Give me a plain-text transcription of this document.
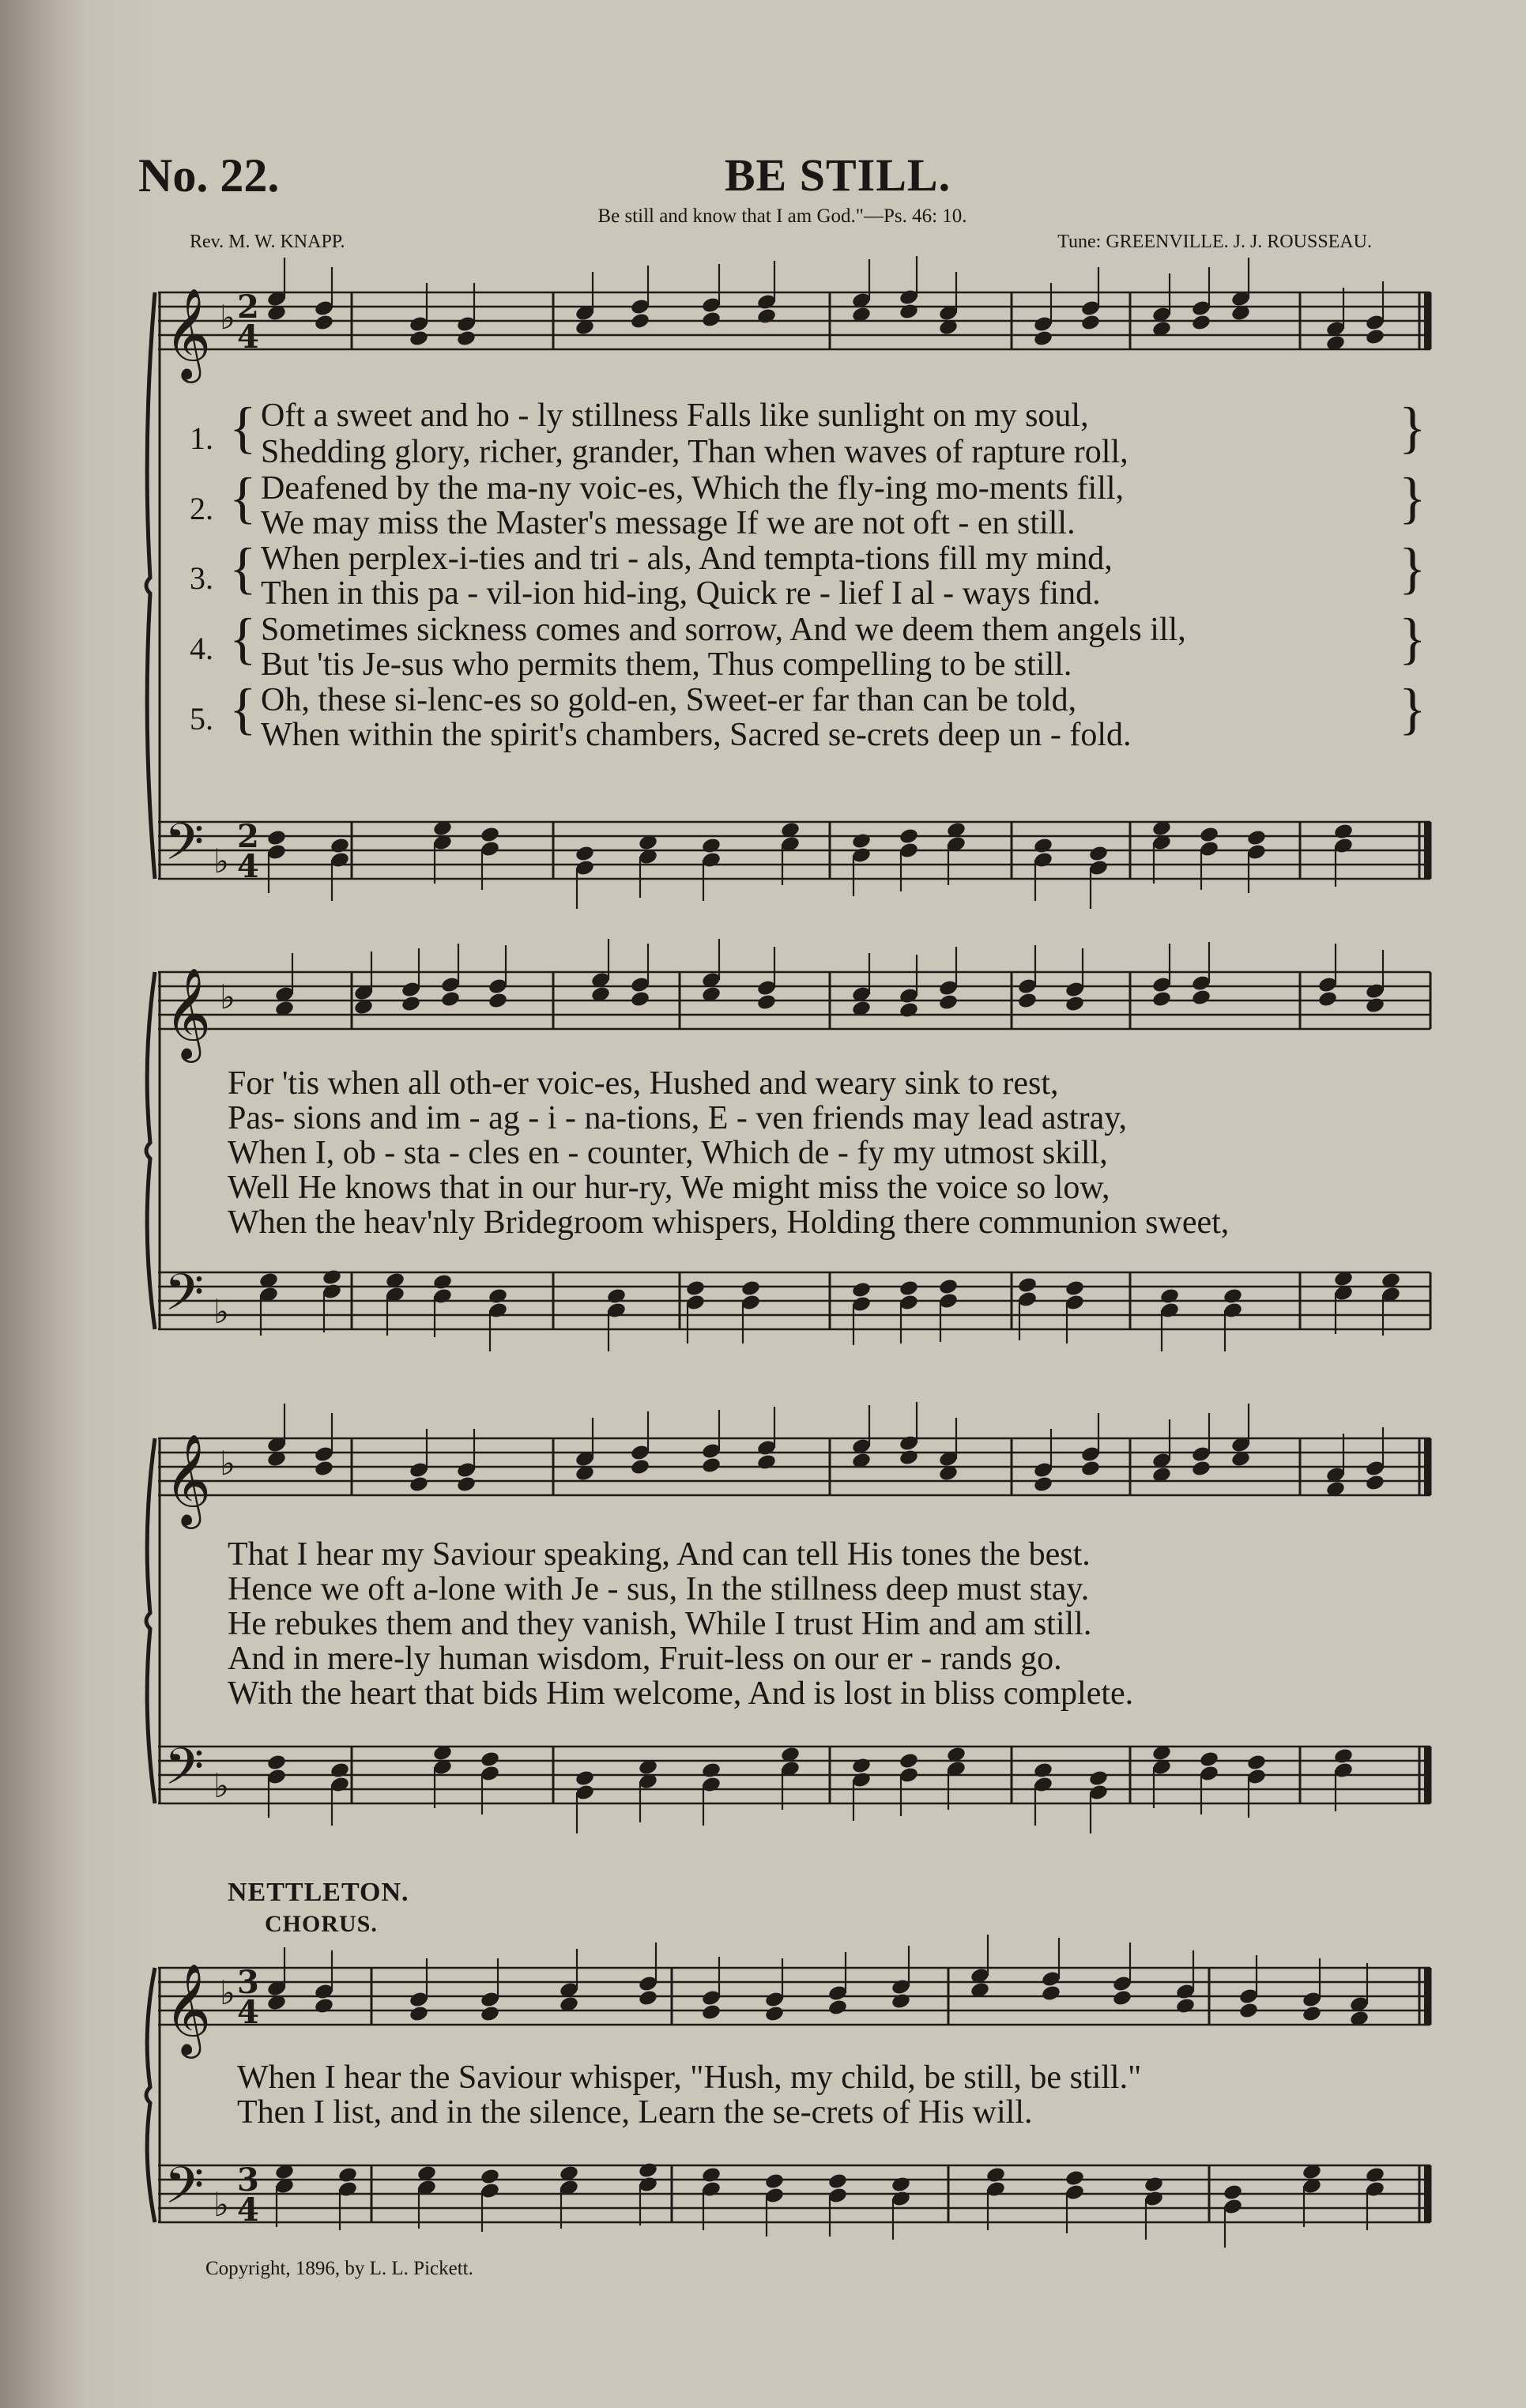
No. 22.	BE STILL.
Be still and know that I am God."—Ps. 46: 10.
Rev. M. W. KNAPP.	Tune: GREENVILLE. J. J. ROUSSEAU.
𝄞 ♭ 2
4
𝄢 ♭
2
4
𝄞 ♭
𝄢 ♭
𝄞 ♭
𝄢 ♭
𝄞 ♭ 3
4
𝄢 ♭
3
4
1. { Oft a sweet and ho - ly stillness Falls like sunlight on my soul,
Shedding glory, richer, grander, Than when waves of rapture roll,	}
2. { Deafened by the ma-ny voic-es, Which the fly-ing mo-ments fill,
We may miss the Master's message If we are not oft - en still.	}
3. { When perplex-i-ties and tri - als, And tempta-tions fill my mind,
Then in this pa - vil-ion hid-ing, Quick re - lief I al - ways find.	}
4. { Sometimes sickness comes and sorrow, And we deem them angels ill,
But 'tis Je-sus who permits them, Thus compelling to be still.	}
5. { Oh, these si-lenc-es so gold-en, Sweet-er far than can be told,
When within the spirit's chambers, Sacred se-crets deep un - fold.	}
For 'tis when all oth-er voic-es, Hushed and weary sink to rest,
Pas- sions and im - ag - i - na-tions, E - ven friends may lead astray,
When I, ob - sta - cles en - counter, Which de - fy my utmost skill,
Well He knows that in our hur-ry, We might miss the voice so low,
When the heav'nly Bridegroom whispers, Holding there communion sweet,
That I hear my Saviour speaking, And can tell His tones the best.
Hence we oft a-lone with Je - sus, In the stillness deep must stay.
He rebukes them and they vanish, While I trust Him and am still.
And in mere-ly human wisdom, Fruit-less on our er - rands go.
With the heart that bids Him welcome, And is lost in bliss complete.
NETTLETON.
CHORUS.
When I hear the Saviour whisper, "Hush, my child, be still, be still."
Then I list, and in the silence, Learn the se-crets of His will.
Copyright, 1896, by L. L. Pickett.
